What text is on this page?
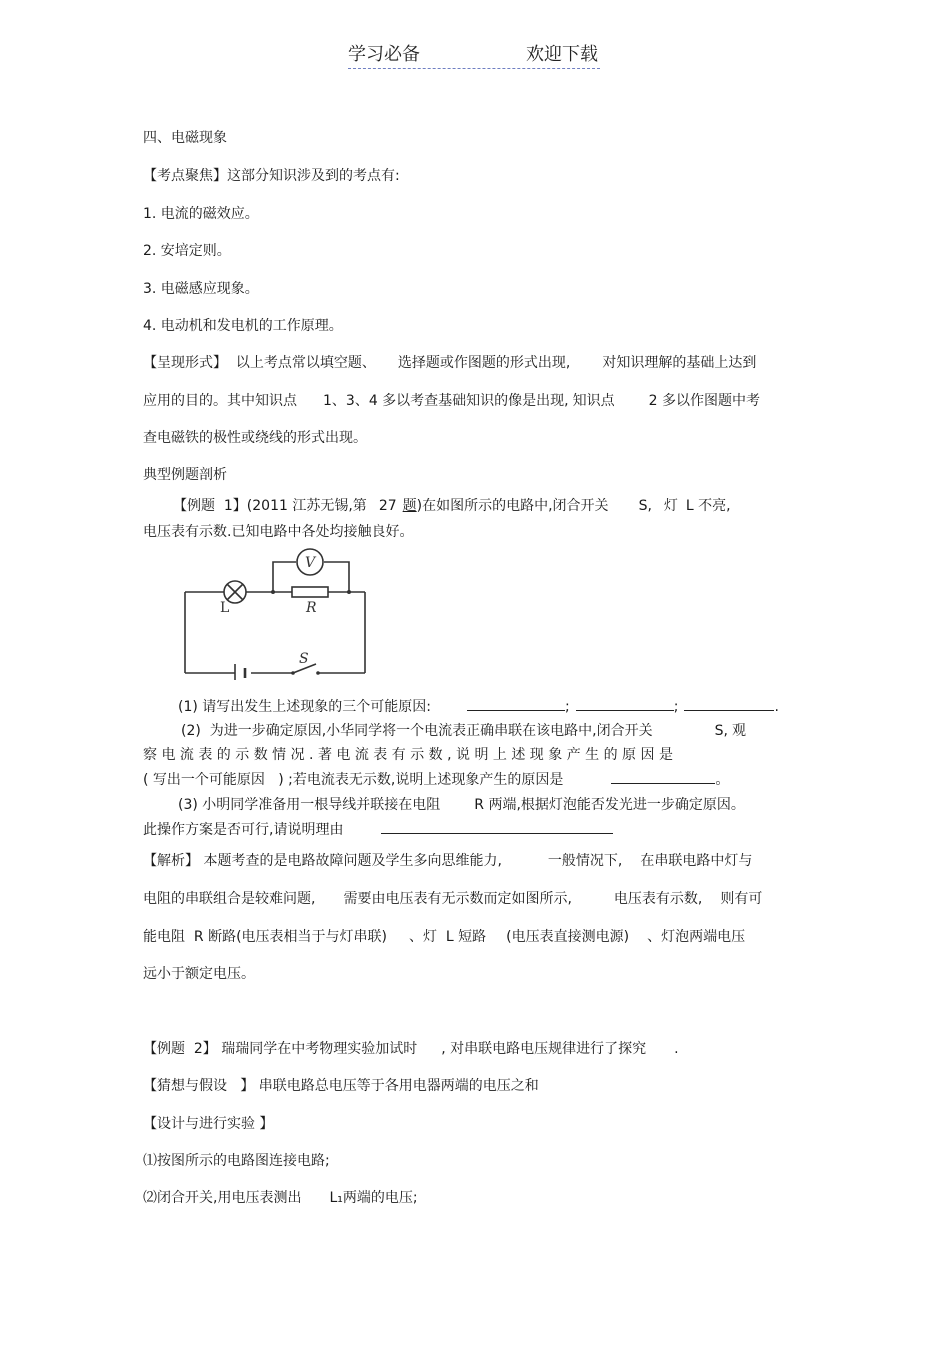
学习必备	欢迎下载
四、电磁现象
【考点聚焦】这部分知识涉及到的考点有:
1. 电流的磁效应。
2. 安培定则。
3. 电磁感应现象。
4. 电动机和发电机的工作原理。
【呈现形式】  以上考点常以填空题、 选择题或作图题的形式出现, 对知识理解的基础上达到
应用的目的。其中知识点 1、3、4 多以考查基础知识的像是出现, 知识点 2 多以作图题中考
查电磁铁的极性或绕线的形式出现。
典型例题剖析
【例题  1】(2011 江苏无锡,第 27 题)在如图所示的电路中,闭合开关 S, 灯 L 不亮,
电压表有示数.已知电路中各处均接触良好。
V
L	R
S
(1) 请写出发生上述现象的三个可能原因:	;	;	.
(2)  为进一步确定原因,小华同学将一个电流表正确串联在该电路中,闭合开关	S, 观
察 电 流 表 的 示 数 情 况 . 著 电 流 表 有 示 数 , 说 明 上 述 现 象 产 生 的 原 因 是
( 写出一个可能原因   ) ;若电流表无示数,说明上述现象产生的原因是	。
(3) 小明同学准备用一根导线并联接在电阻 R 两端,根据灯泡能否发光进一步确定原因。
此操作方案是否可行,请说明理由
【解析】 本题考查的是电路故障问题及学生多向思维能力,	一般情况下, 在串联电路中灯与
电阻的串联组合是较难问题, 需要由电压表有无示数而定如图所示,	电压表有示数, 则有可
能电阻  R 断路(电压表相当于与灯串联) 、灯  L 短路 (电压表直接测电源) 、灯泡两端电压
远小于额定电压。
【例题  2】 瑞瑞同学在中考物理实验加试时 , 对串联电路电压规律进行了探究 .
【猜想与假设   】 串联电路总电压等于各用电器两端的电压之和
【设计与进行实验 】
⑴按图所示的电路图连接电路;
⑵闭合开关,用电压表测出 L₁两端的电压;
